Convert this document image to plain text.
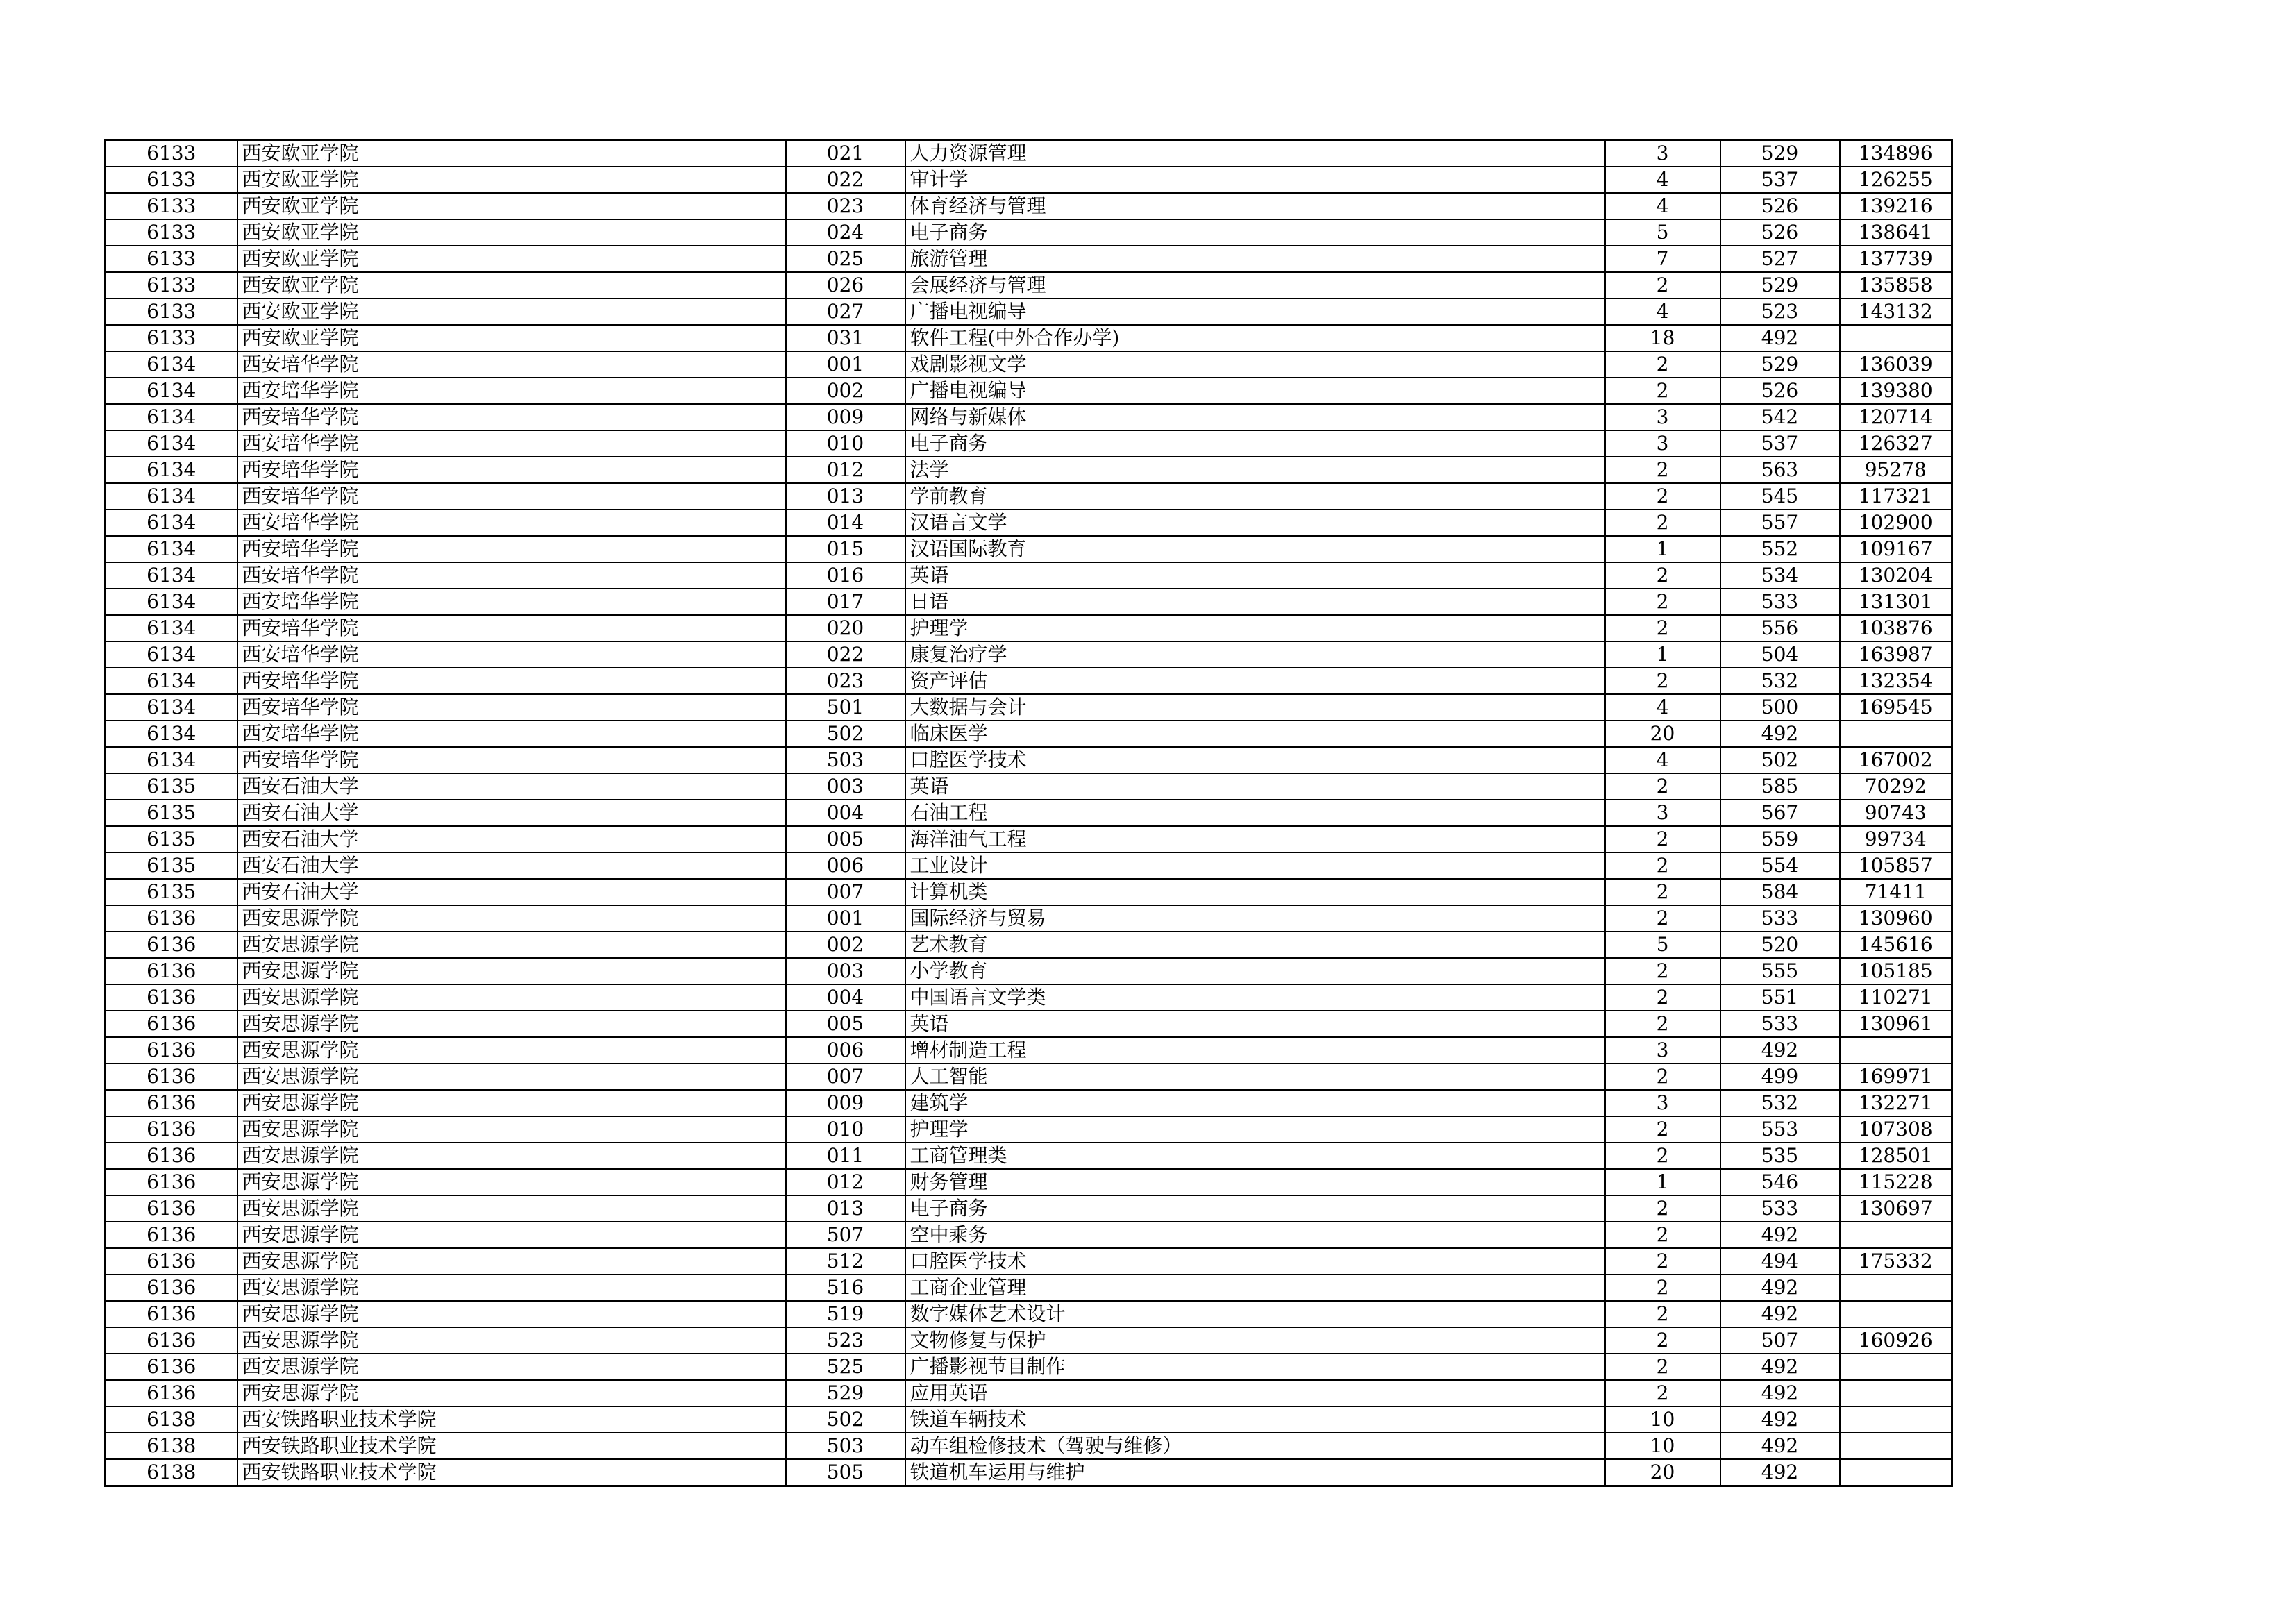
6133	西安欧亚学院	021	人力资源管理	3	529	134896
6133	西安欧亚学院	022	审计学	4	537	126255
6133	西安欧亚学院	023	体育经济与管理	4	526	139216
6133	西安欧亚学院	024	电子商务	5	526	138641
6133	西安欧亚学院	025	旅游管理	7	527	137739
6133	西安欧亚学院	026	会展经济与管理	2	529	135858
6133	西安欧亚学院	027	广播电视编导	4	523	143132
6133	西安欧亚学院	031	软件工程(中外合作办学)	18	492	
6134	西安培华学院	001	戏剧影视文学	2	529	136039
6134	西安培华学院	002	广播电视编导	2	526	139380
6134	西安培华学院	009	网络与新媒体	3	542	120714
6134	西安培华学院	010	电子商务	3	537	126327
6134	西安培华学院	012	法学	2	563	95278
6134	西安培华学院	013	学前教育	2	545	117321
6134	西安培华学院	014	汉语言文学	2	557	102900
6134	西安培华学院	015	汉语国际教育	1	552	109167
6134	西安培华学院	016	英语	2	534	130204
6134	西安培华学院	017	日语	2	533	131301
6134	西安培华学院	020	护理学	2	556	103876
6134	西安培华学院	022	康复治疗学	1	504	163987
6134	西安培华学院	023	资产评估	2	532	132354
6134	西安培华学院	501	大数据与会计	4	500	169545
6134	西安培华学院	502	临床医学	20	492	
6134	西安培华学院	503	口腔医学技术	4	502	167002
6135	西安石油大学	003	英语	2	585	70292
6135	西安石油大学	004	石油工程	3	567	90743
6135	西安石油大学	005	海洋油气工程	2	559	99734
6135	西安石油大学	006	工业设计	2	554	105857
6135	西安石油大学	007	计算机类	2	584	71411
6136	西安思源学院	001	国际经济与贸易	2	533	130960
6136	西安思源学院	002	艺术教育	5	520	145616
6136	西安思源学院	003	小学教育	2	555	105185
6136	西安思源学院	004	中国语言文学类	2	551	110271
6136	西安思源学院	005	英语	2	533	130961
6136	西安思源学院	006	增材制造工程	3	492	
6136	西安思源学院	007	人工智能	2	499	169971
6136	西安思源学院	009	建筑学	3	532	132271
6136	西安思源学院	010	护理学	2	553	107308
6136	西安思源学院	011	工商管理类	2	535	128501
6136	西安思源学院	012	财务管理	1	546	115228
6136	西安思源学院	013	电子商务	2	533	130697
6136	西安思源学院	507	空中乘务	2	492	
6136	西安思源学院	512	口腔医学技术	2	494	175332
6136	西安思源学院	516	工商企业管理	2	492	
6136	西安思源学院	519	数字媒体艺术设计	2	492	
6136	西安思源学院	523	文物修复与保护	2	507	160926
6136	西安思源学院	525	广播影视节目制作	2	492	
6136	西安思源学院	529	应用英语	2	492	
6138	西安铁路职业技术学院	502	铁道车辆技术	10	492	
6138	西安铁路职业技术学院	503	动车组检修技术（驾驶与维修）	10	492	
6138	西安铁路职业技术学院	505	铁道机车运用与维护	20	492	
